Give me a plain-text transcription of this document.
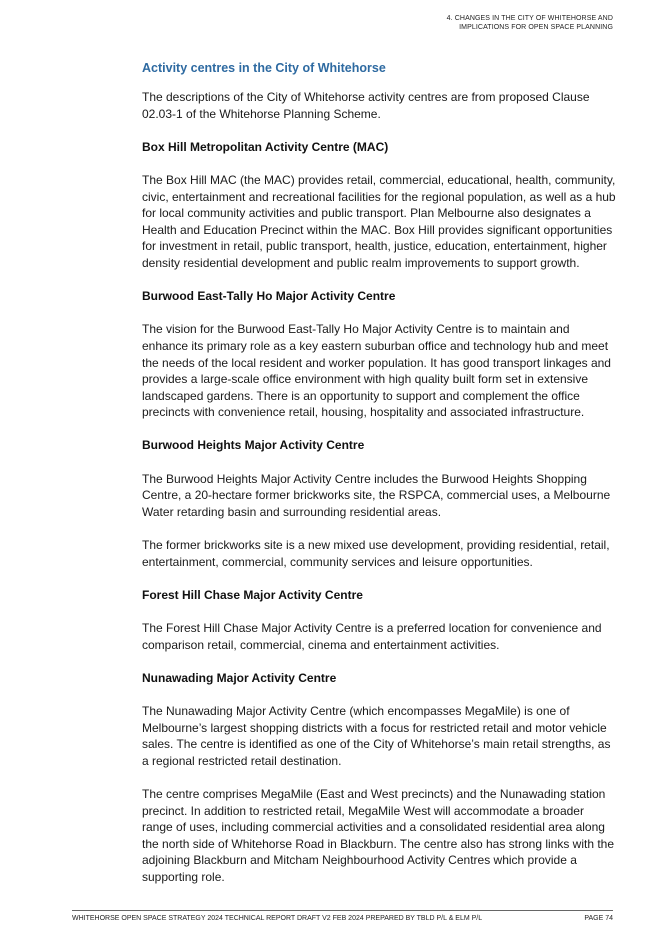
4. CHANGES IN THE CITY OF WHITEHORSE AND
IMPLICATIONS FOR OPEN SPACE PLANNING
Activity centres in the City of Whitehorse

The descriptions of the City of Whitehorse activity centres are from proposed Clause 02.03-1 of the Whitehorse Planning Scheme.

Box Hill Metropolitan Activity Centre (MAC)

The Box Hill MAC (the MAC) provides retail, commercial, educational, health, community, civic, entertainment and recreational facilities for the regional population, as well as a hub for local community activities and public transport. Plan Melbourne also designates a Health and Education Precinct within the MAC. Box Hill provides significant opportunities for investment in retail, public transport, health, justice, education, entertainment, higher density residential development and public realm improvements to support growth.

Burwood East-Tally Ho Major Activity Centre

The vision for the Burwood East-Tally Ho Major Activity Centre is to maintain and enhance its primary role as a key eastern suburban office and technology hub and meet the needs of the local resident and worker population. It has good transport linkages and provides a large-scale office environment with high quality built form set in extensive landscaped gardens. There is an opportunity to support and complement the office precincts with convenience retail, housing, hospitality and associated infrastructure.

Burwood Heights Major Activity Centre

The Burwood Heights Major Activity Centre includes the Burwood Heights Shopping Centre, a 20-hectare former brickworks site, the RSPCA, commercial uses, a Melbourne Water retarding basin and surrounding residential areas.

The former brickworks site is a new mixed use development, providing residential, retail, entertainment, commercial, community services and leisure opportunities.

Forest Hill Chase Major Activity Centre

The Forest Hill Chase Major Activity Centre is a preferred location for convenience and comparison retail, commercial, cinema and entertainment activities.

Nunawading Major Activity Centre

The Nunawading Major Activity Centre (which encompasses MegaMile) is one of Melbourne’s largest shopping districts with a focus for restricted retail and motor vehicle sales. The centre is identified as one of the City of Whitehorse’s main retail strengths, as a regional restricted retail destination.

The centre comprises MegaMile (East and West precincts) and the Nunawading station precinct. In addition to restricted retail, MegaMile West will accommodate a broader range of uses, including commercial activities and a consolidated residential area along the north side of Whitehorse Road in Blackburn. The centre also has strong links with the adjoining Blackburn and Mitcham Neighbourhood Activity Centres which provide a supporting role.

WHITEHORSE OPEN SPACE STRATEGY 2024 TECHNICAL REPORT DRAFT V2 FEB 2024 PREPARED BY TBLD P/L & ELM P/L	PAGE 74
